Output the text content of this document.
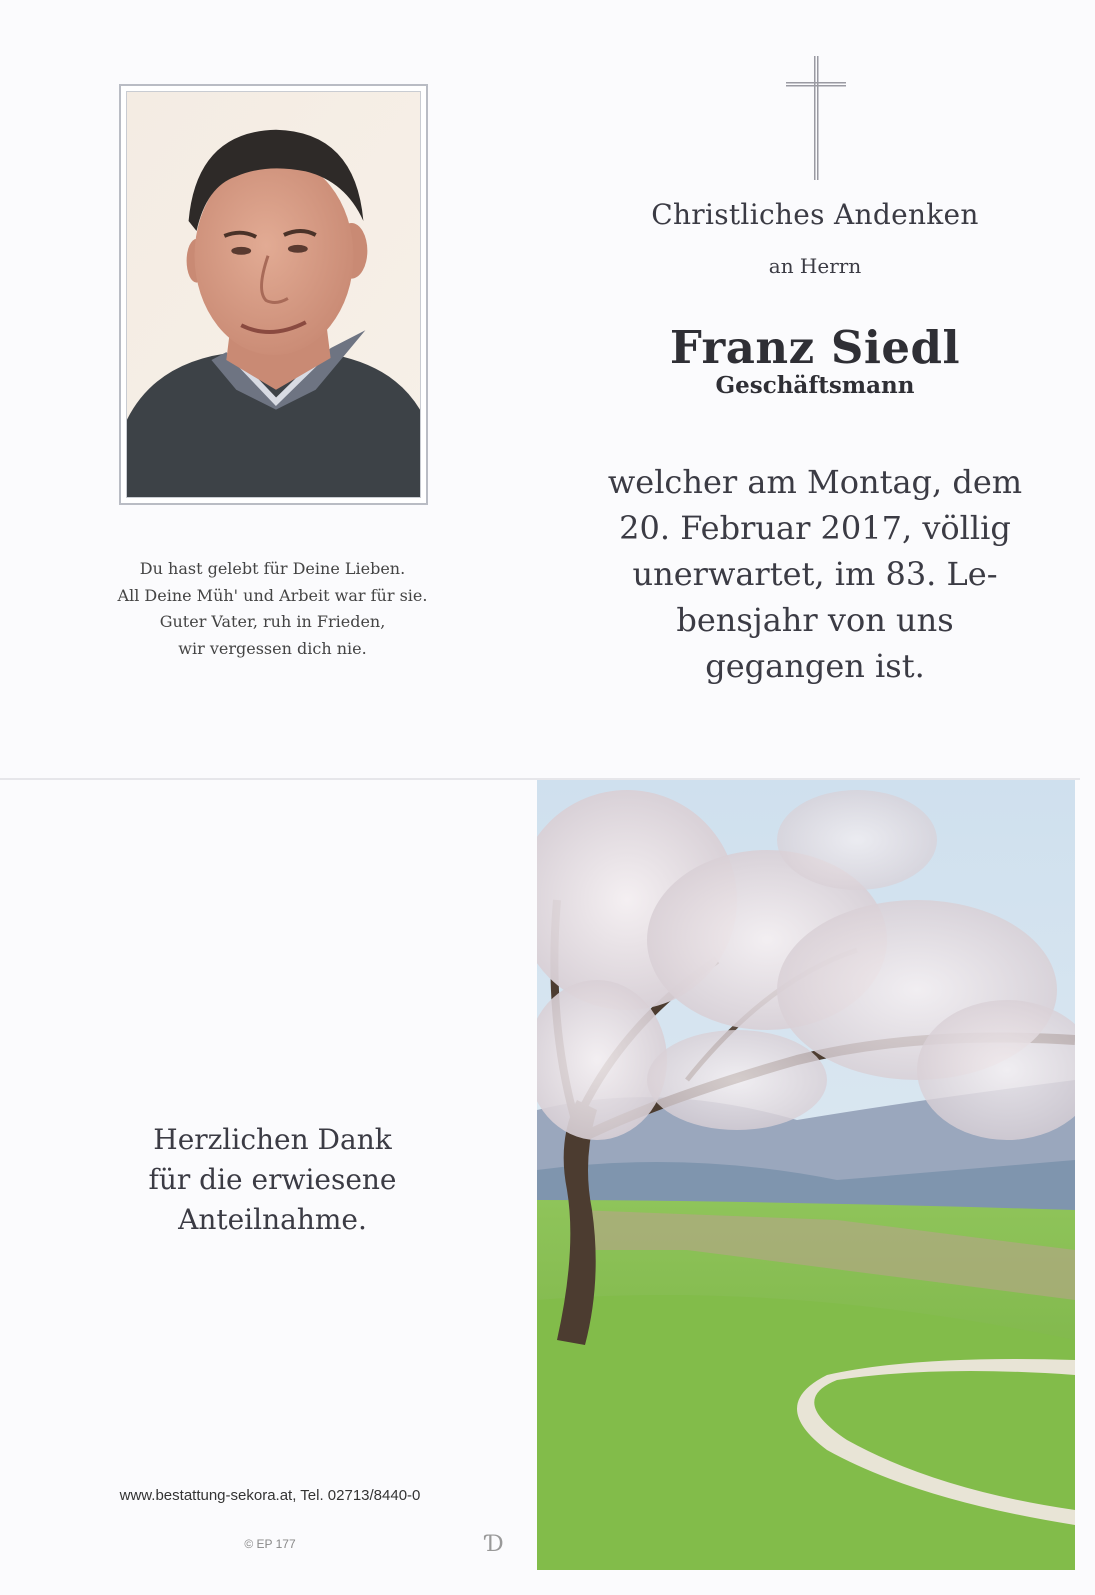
Du hast gelebt für Deine Lieben.
All Deine Müh' und Arbeit war für sie.
Guter Vater, ruh in Frieden,
wir vergessen dich nie.
Christliches Andenken
an Herrn
Franz Siedl
Geschäftsmann
welcher am Montag, dem
20. Februar 2017, völlig
unerwartet, im 83. Le-
bensjahr von uns
gegangen ist.
Herzlichen Dank
für die erwiesene
Anteilnahme.
www.bestattung-sekora.at, Tel. 02713/8440-0
© EP 177	Ɗ
